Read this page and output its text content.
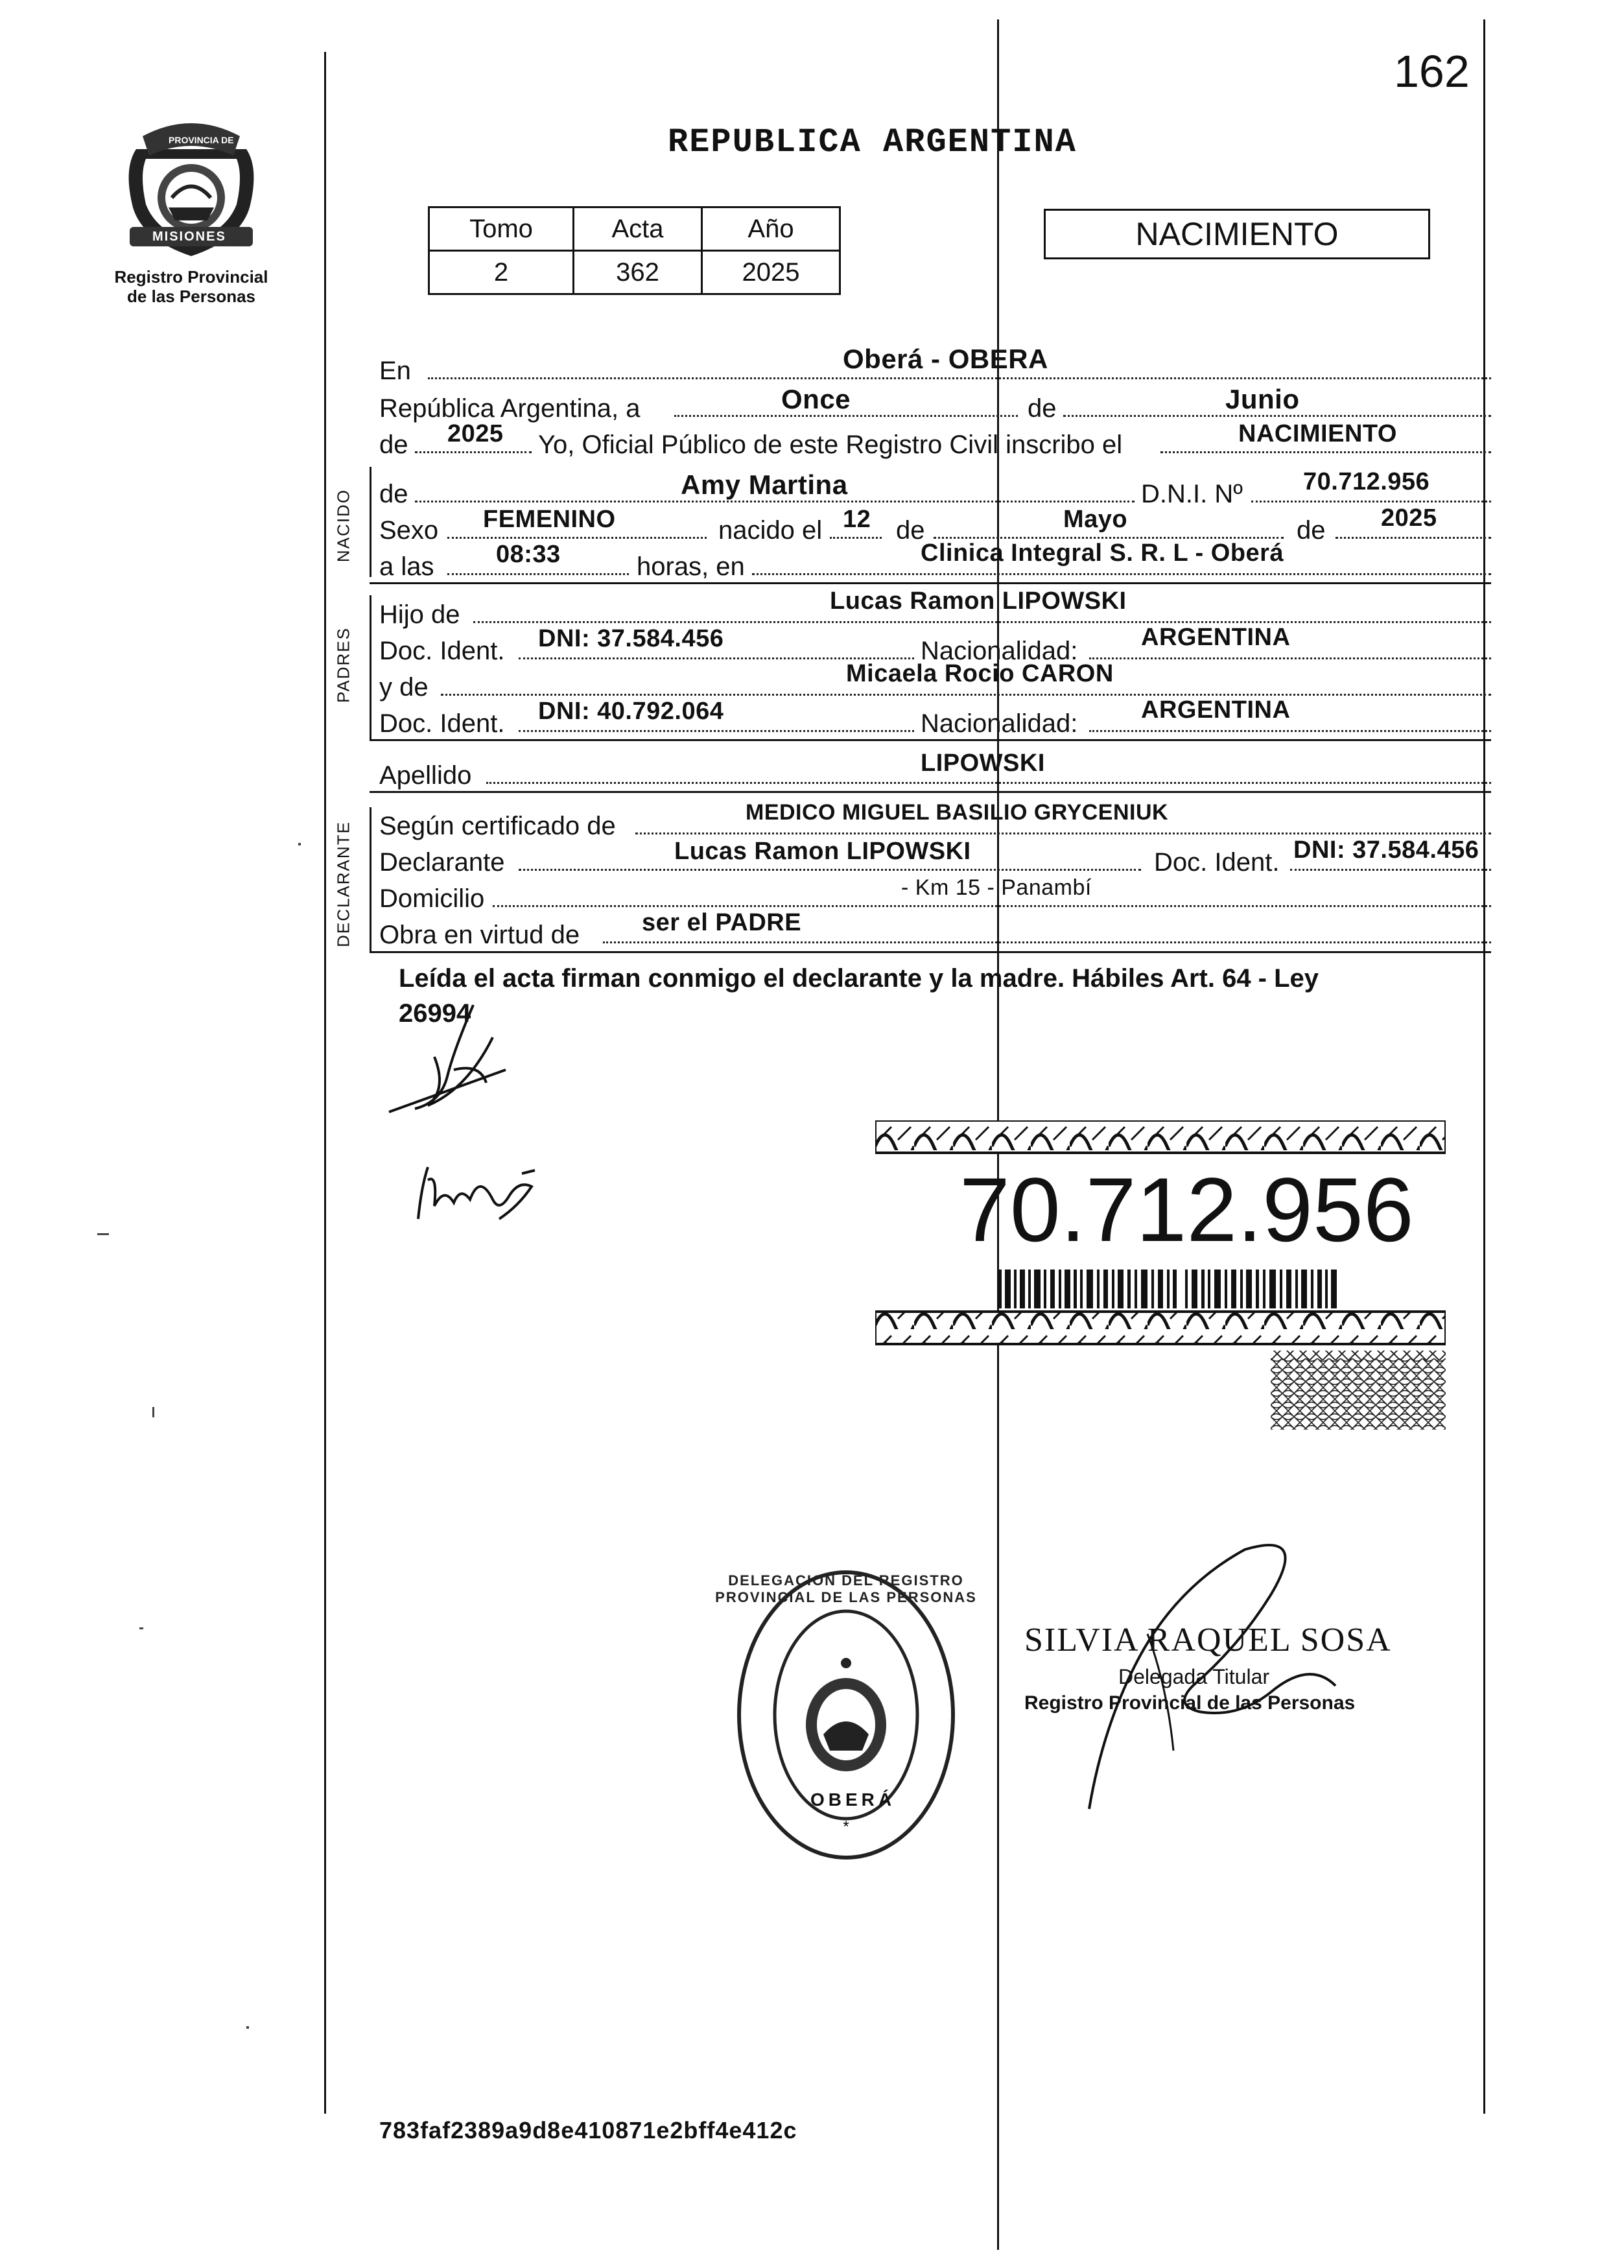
162
PROVINCIA DE
MISIONES
Registro Provincial
de las Personas
REPUBLICA ARGENTINA
Tomo	Acta	Año
2	362	2025
NACIMIENTO
En	Oberá - OBERA
República Argentina, a	Once	de	Junio
de 2025 Yo, Oficial Público de este Registro Civil inscribo el	NACIMIENTO
NACIDO de	Amy Martina	D.N.I. Nº 70.712.956
Sexo FEMENINO	nacido el 12 de	Mayo	de 2025
a las	08:33	horas, en	Clinica Integral S. R. L - Oberá
PADRES
Hijo de	Lucas Ramon LIPOWSKI
Doc. Ident. DNI: 37.584.456	Nacionalidad:	ARGENTINA
y de	Micaela Rocio CARON
Doc. Ident. DNI: 40.792.064	Nacionalidad:	ARGENTINA
Apellido	LIPOWSKI
DECLARANTE Según certificado de	MEDICO MIGUEL BASILIO GRYCENIUK
Declarante	Lucas Ramon LIPOWSKI	Doc. Ident. DNI: 37.584.456
Domicilio	- Km 15 - Panambí
Obra en virtud de	ser el PADRE
Leída el acta firman conmigo el declarante y la madre. Hábiles Art. 64 - Ley
26994
70.712.956
*
DELEGACION DEL REGISTRO PROVINCIAL DE LAS PERSONAS
OBERÁ
SILVIA RAQUEL SOSA
Delegada Titular
Registro Provincial de las Personas
783faf2389a9d8e410871e2bff4e412c
